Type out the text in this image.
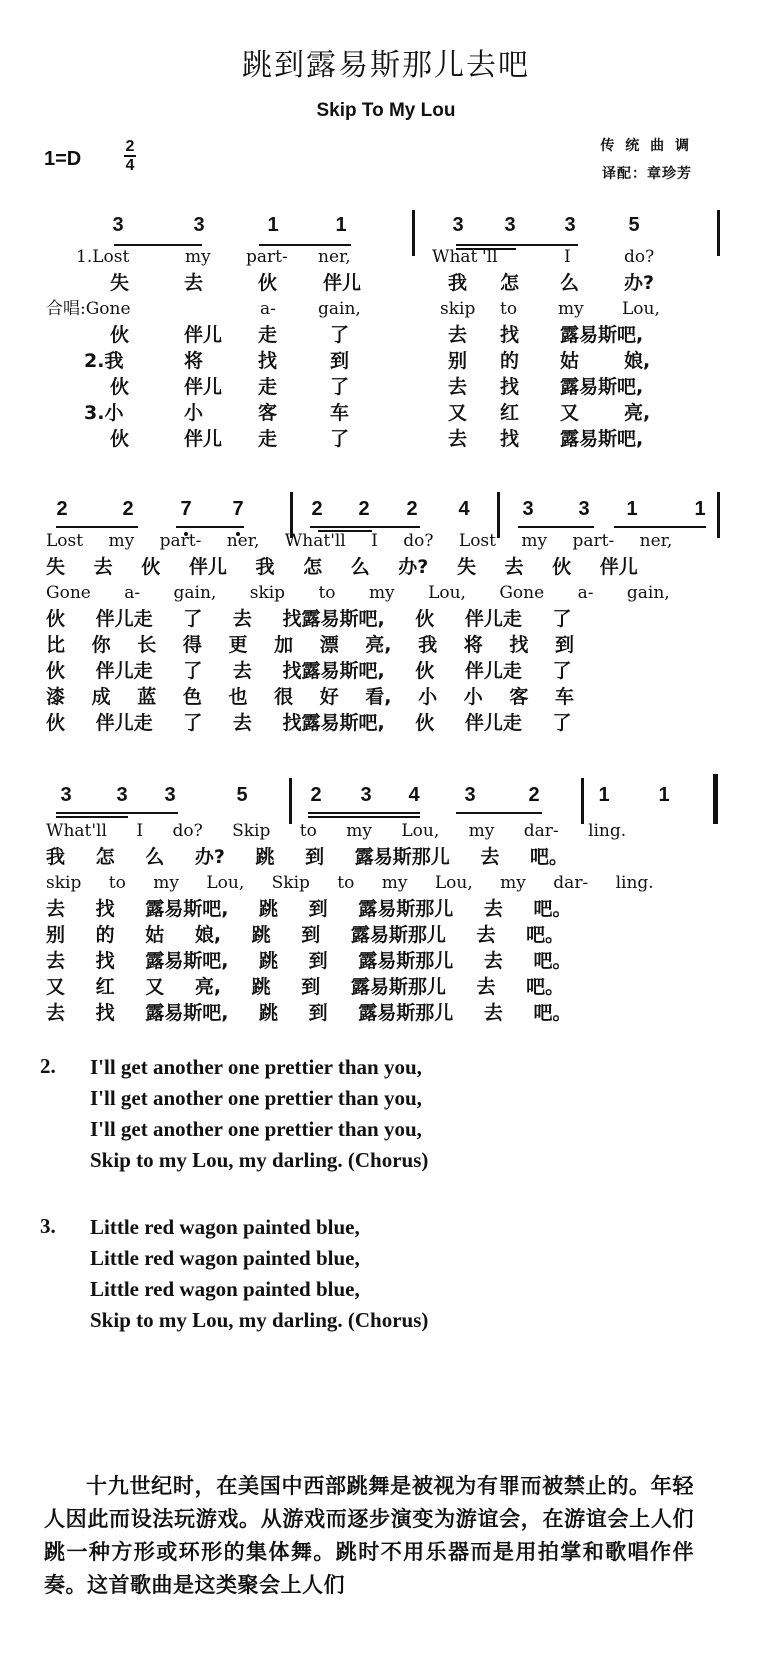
跳到露易斯那儿去吧
Skip To My Lou
1=D
2
4
传 统 曲 调
译配：章珍芳
3	3	1	1	3 3 3	5
1.Lost	my part- ner,	What 'll	I	do?
失	去	伙 伴儿	我 怎 么 办?
合唱:Gone	a- gain,	skip to my Lou,
伙	伴儿 走	了	去 找 露易斯吧,
2.我	将	找	到	别 的 姑 娘,
伙	伴儿 走	了	去 找 露易斯吧,
3.小	小	客	车	又 红 又 亮,
伙	伴儿 走	了	去 找 露易斯吧,
2	2 7 7	2 2 2 4	3 3 1	1
Lost my part- ner, What'll I do? Lost my part- ner,
失 去 伙 伴儿 我 怎 么 办? 失 去 伙 伴儿
Gone a- gain, skip to my Lou, Gone a- gain,
伙 伴儿走 了 去 找露易斯吧, 伙 伴儿走 了
比 你 长 得 更 加 漂 亮, 我 将 找 到
伙 伴儿走 了 去 找露易斯吧, 伙 伴儿走 了
漆 成 蓝 色 也 很 好 看, 小 小 客 车
伙 伴儿走 了 去 找露易斯吧, 伙 伴儿走 了
3 3 3	5	2 3 4 3	2	1 1
What'll I do? Skip to my Lou, my dar- ling.
我 怎 么 办? 跳 到 露易斯那儿 去 吧。
skip to my Lou, Skip to my Lou, my dar- ling.
去 找 露易斯吧, 跳 到 露易斯那儿 去 吧。
别 的 姑 娘, 跳 到 露易斯那儿 去 吧。
去 找 露易斯吧, 跳 到 露易斯那儿 去 吧。
又 红 又 亮, 跳 到 露易斯那儿 去 吧。
去 找 露易斯吧, 跳 到 露易斯那儿 去 吧。
2. I'll get another one prettier than you,
I'll get another one prettier than you,
I'll get another one prettier than you,
Skip to my Lou, my darling. (Chorus)
3. Little red wagon painted blue,
Little red wagon painted blue,
Little red wagon painted blue,
Skip to my Lou, my darling. (Chorus)
十九世纪时，在美国中西部跳舞是被视为有罪而被禁止的。年轻人因此而设法玩游戏。从游戏而逐步演变为游谊会，在游谊会上人们跳一种方形或环形的集体舞。跳时不用乐器而是用拍掌和歌唱作伴奏。这首歌曲是这类聚会上人们
